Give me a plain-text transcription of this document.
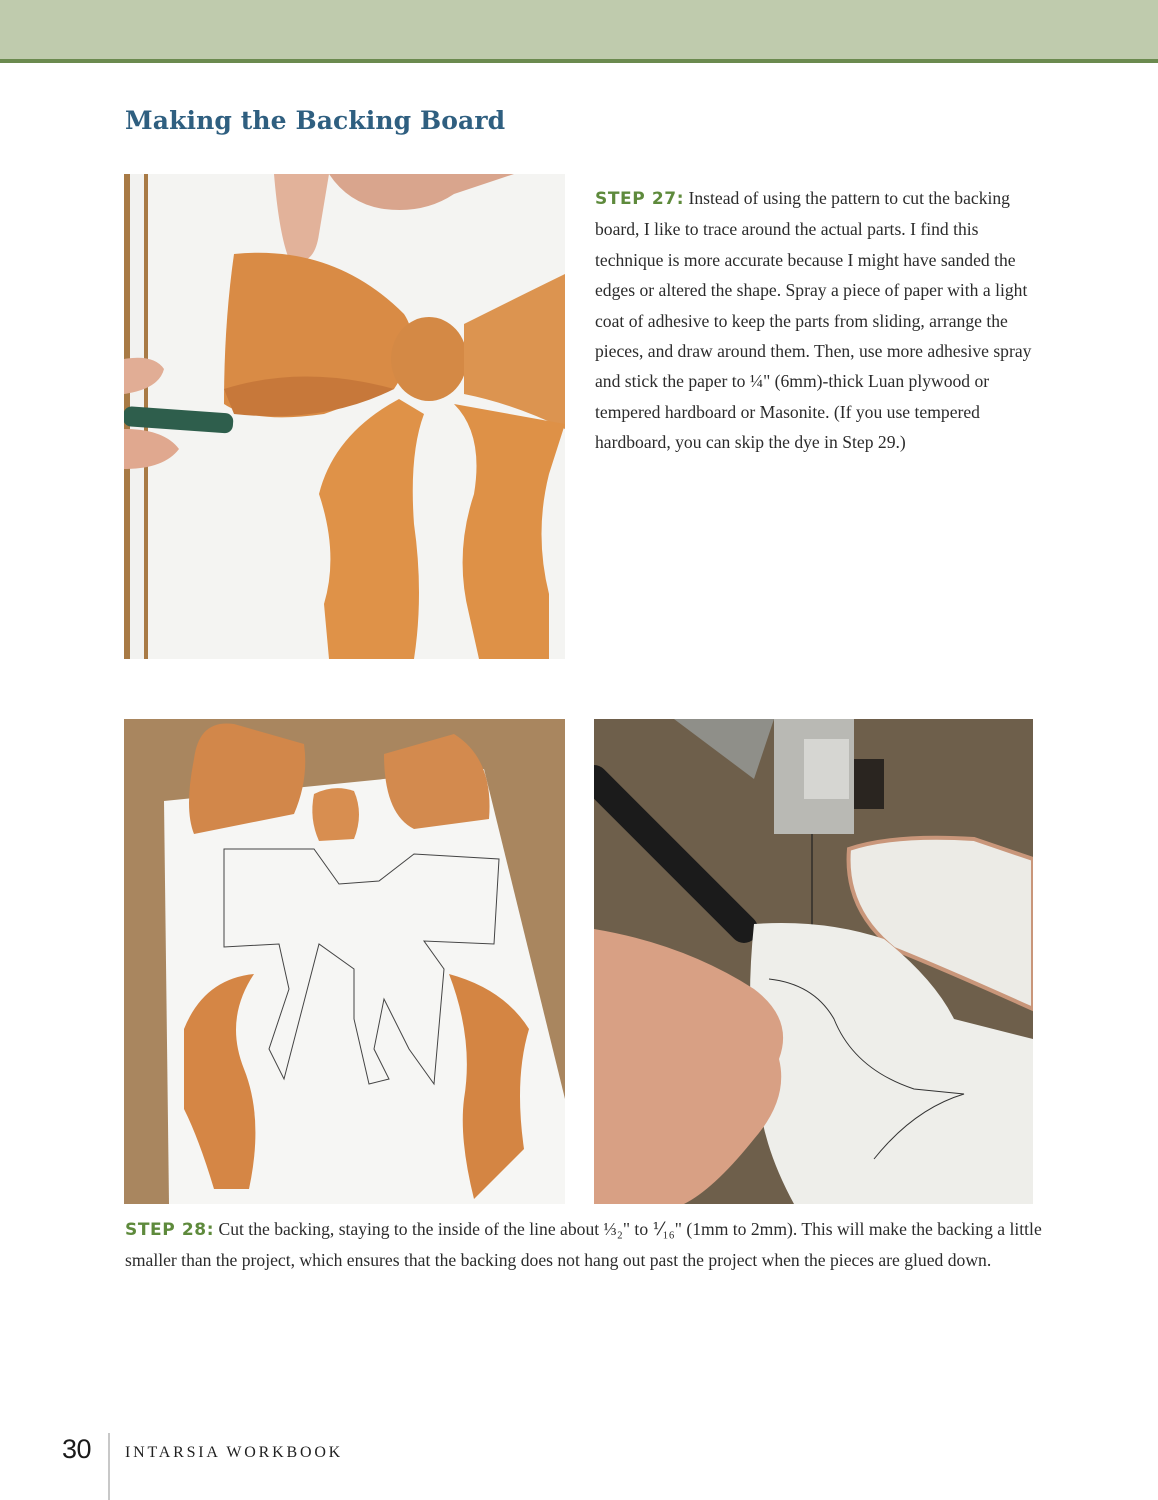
Making the Backing Board
STEP 27: Instead of using the pattern to cut the backing board, I like to trace around the actual parts. I find this technique is more accurate because I might have sanded the edges or altered the shape. Spray a piece of paper with a light coat of adhesive to keep the parts from sliding, arrange the pieces, and draw around them. Then, use more adhesive spray and stick the paper to ¼" (6mm)-thick Luan plywood or tempered hardboard or Masonite. (If you use tempered hardboard, you can skip the dye in Step 29.)
STEP 28: Cut the backing, staying to the inside of the line about ⅓₂" to ⅟₁₆" (1mm to 2mm). This will make the backing a little smaller than the project, which ensures that the backing does not hang out past the project when the pieces are glued down.
30 INTARSIA WORKBOOK
